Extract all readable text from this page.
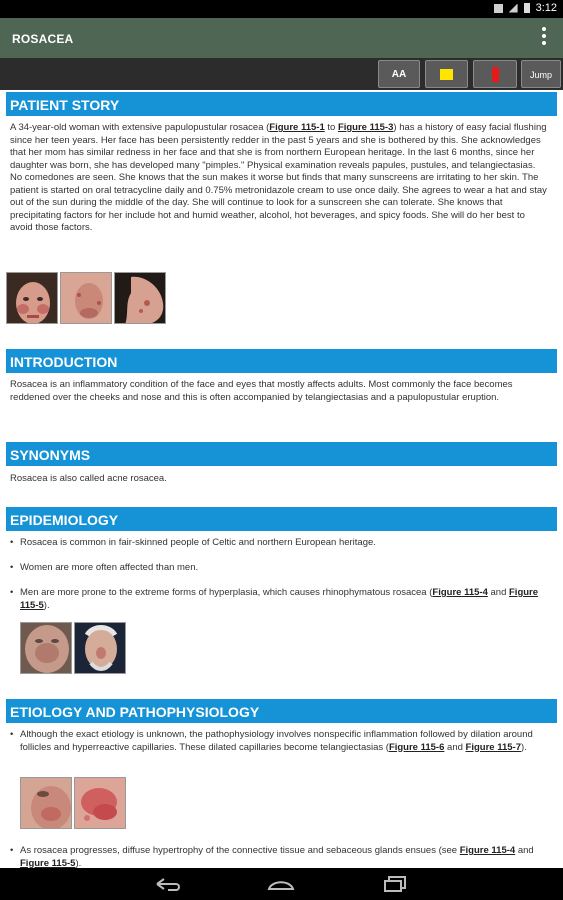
3:12
ROSACEA
AA	Jump
PATIENT STORY
A 34-year-old woman with extensive papulopustular rosacea (Figure 115-1 to Figure 115-3) has a history of easy facial flushing since her teen years. Her face has been persistently redder in the past 5 years and she is bothered by this. She acknowledges that her mom has similar redness in her face and that she is from northern European heritage. In the last 6 months, since her daughter was born, she has developed many "pimples." Physical examination reveals papules, pustules, and telangiectasias. No comedones are seen. She knows that the sun makes it worse but finds that many sunscreens are irritating to her skin. The patient is started on oral tetracycline daily and 0.75% metronidazole cream to use once daily. She agrees to wear a hat and stay out of the sun during the middle of the day. She will continue to look for a sunscreen she can tolerate. She knows that precipitating factors for her include hot and humid weather, alcohol, hot beverages, and spicy foods. She will do her best to avoid those factors.
INTRODUCTION
Rosacea is an inflammatory condition of the face and eyes that mostly affects adults. Most commonly the face becomes reddened over the cheeks and nose and this is often accompanied by telangiectasias and a papulopustular eruption.
SYNONYMS
Rosacea is also called acne rosacea.
EPIDEMIOLOGY
• Rosacea is common in fair-skinned people of Celtic and northern European heritage.
• Women are more often affected than men.
• Men are more prone to the extreme forms of hyperplasia, which causes rhinophymatous rosacea (Figure 115-4 and Figure 115-5).
ETIOLOGY AND PATHOPHYSIOLOGY
• Although the exact etiology is unknown, the pathophysiology involves nonspecific inflammation followed by dilation around follicles and hyperreactive capillaries. These dilated capillaries become telangiectasias (Figure 115-6 and Figure 115-7).
• As rosacea progresses, diffuse hypertrophy of the connective tissue and sebaceous glands ensues (see Figure 115-4 and Figure 115-5).
